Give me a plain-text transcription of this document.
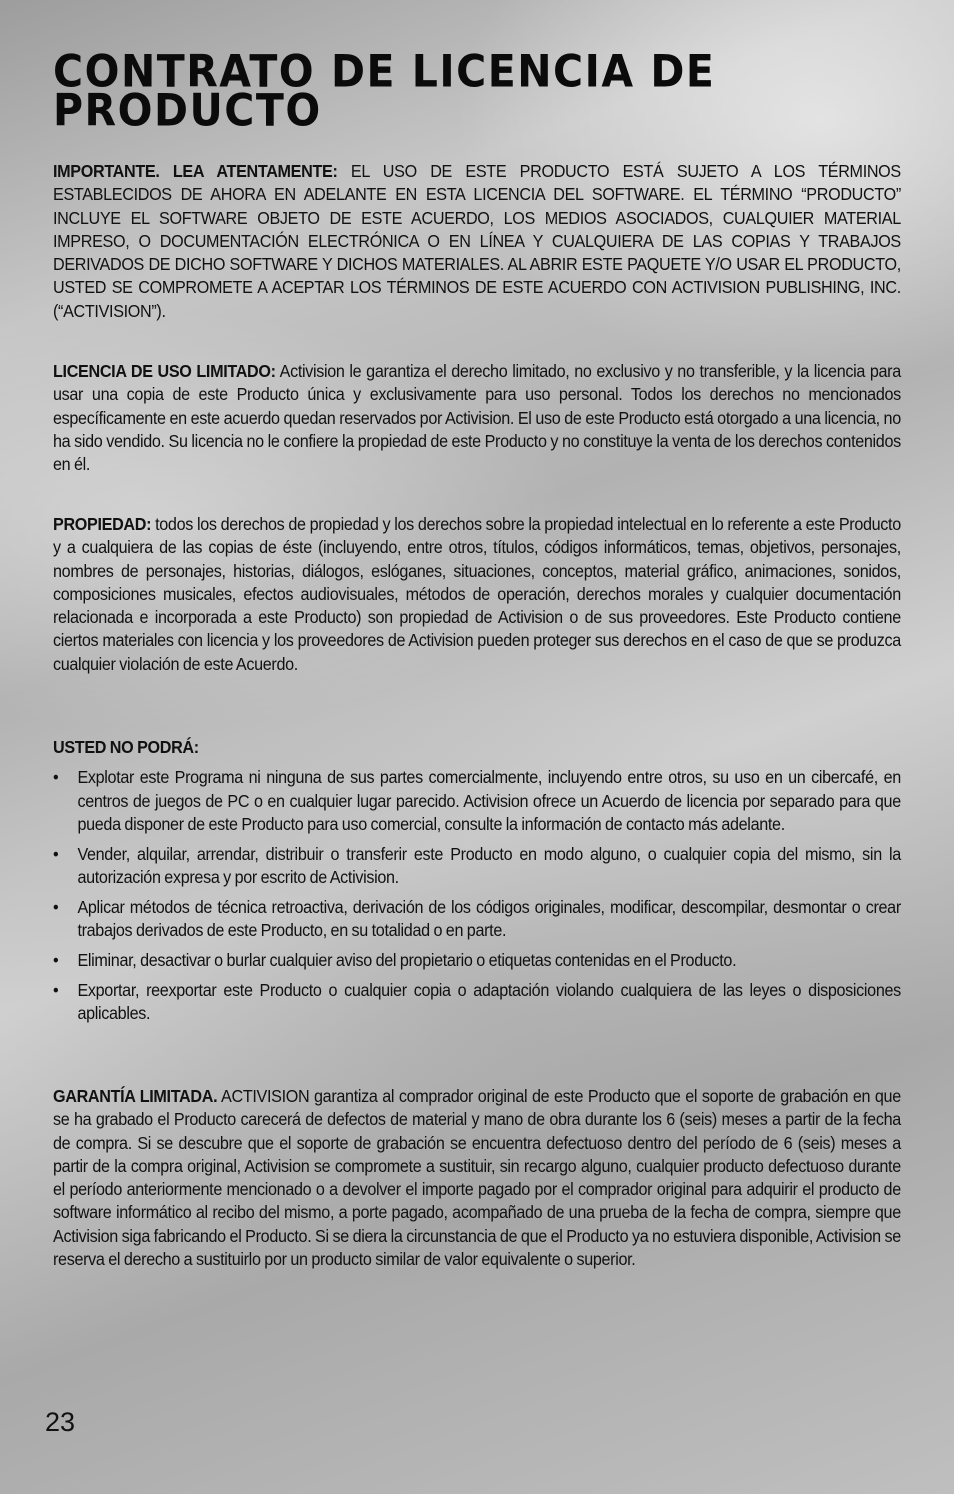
CONTRATO DE LICENCIA DE PRODUCTO

IMPORTANTE. LEA ATENTAMENTE: EL USO DE ESTE PRODUCTO ESTÁ SUJETO A LOS TÉRMINOS ESTABLECIDOS DE AHORA EN ADELANTE EN ESTA LICENCIA DEL SOFTWARE. EL TÉRMINO “PRODUCTO” INCLUYE EL SOFTWARE OBJETO DE ESTE ACUERDO, LOS MEDIOS ASOCIADOS, CUALQUIER MATERIAL IMPRESO, O DOCUMENTACIÓN ELECTRÓNICA O EN LÍNEA Y CUALQUIERA DE LAS COPIAS Y TRABAJOS DERIVADOS DE DICHO SOFTWARE Y DICHOS MATERIALES. AL ABRIR ESTE PAQUETE Y/O USAR EL PRODUCTO, USTED SE COMPROMETE A ACEPTAR LOS TÉRMINOS DE ESTE ACUERDO CON ACTIVISION PUBLISHING, INC. (“ACTIVISION”).

LICENCIA DE USO LIMITADO: Activision le garantiza el derecho limitado, no exclusivo y no transferible, y la licencia para usar una copia de este Producto única y exclusivamente para uso personal. Todos los derechos no mencionados específicamente en este acuerdo quedan reservados por Activision. El uso de este Producto está otorgado a una licencia, no ha sido vendido. Su licencia no le confiere la propiedad de este Producto y no constituye la venta de los derechos contenidos en él.

PROPIEDAD: todos los derechos de propiedad y los derechos sobre la propiedad intelectual en lo referente a este Producto y a cualquiera de las copias de éste (incluyendo, entre otros, títulos, códigos informáticos, temas, objetivos, personajes, nombres de personajes, historias, diálogos, eslóganes, situaciones, conceptos, material gráfico, animaciones, sonidos, composiciones musicales, efectos audiovisuales, métodos de operación, derechos morales y cualquier documentación relacionada e incorporada a este Producto) son propiedad de Activision o de sus proveedores. Este Producto contiene ciertos materiales con licencia y los proveedores de Activision pueden proteger sus derechos en el caso de que se produzca cualquier violación de este Acuerdo.

USTED NO PODRÁ:

• Explotar este Programa ni ninguna de sus partes comercialmente, incluyendo entre otros, su uso en un cibercafé, en centros de juegos de PC o en cualquier lugar parecido. Activision ofrece un Acuerdo de licencia por separado para que pueda disponer de este Producto para uso comercial, consulte la información de contacto más adelante.
• Vender, alquilar, arrendar, distribuir o transferir este Producto en modo alguno, o cualquier copia del mismo, sin la autorización expresa y por escrito de Activision.
• Aplicar métodos de técnica retroactiva, derivación de los códigos originales, modificar, descompilar, desmontar o crear trabajos derivados de este Producto, en su totalidad o en parte.
• Eliminar, desactivar o burlar cualquier aviso del propietario o etiquetas contenidas en el Producto.
• Exportar, reexportar este Producto o cualquier copia o adaptación violando cualquiera de las leyes o disposiciones aplicables.

GARANTÍA LIMITADA. ACTIVISION garantiza al comprador original de este Producto que el soporte de grabación en que se ha grabado el Producto carecerá de defectos de material y mano de obra durante los 6 (seis) meses a partir de la fecha de compra. Si se descubre que el soporte de grabación se encuentra defectuoso dentro del período de 6 (seis) meses a partir de la compra original, Activision se compromete a sustituir, sin recargo alguno, cualquier producto defectuoso durante el período anteriormente mencionado o a devolver el importe pagado por el comprador original para adquirir el producto de software informático al recibo del mismo, a porte pagado, acompañado de una prueba de la fecha de compra, siempre que Activision siga fabricando el Producto. Si se diera la circunstancia de que el Producto ya no estuviera disponible, Activision se reserva el derecho a sustituirlo por un producto similar de valor equivalente o superior.

23
